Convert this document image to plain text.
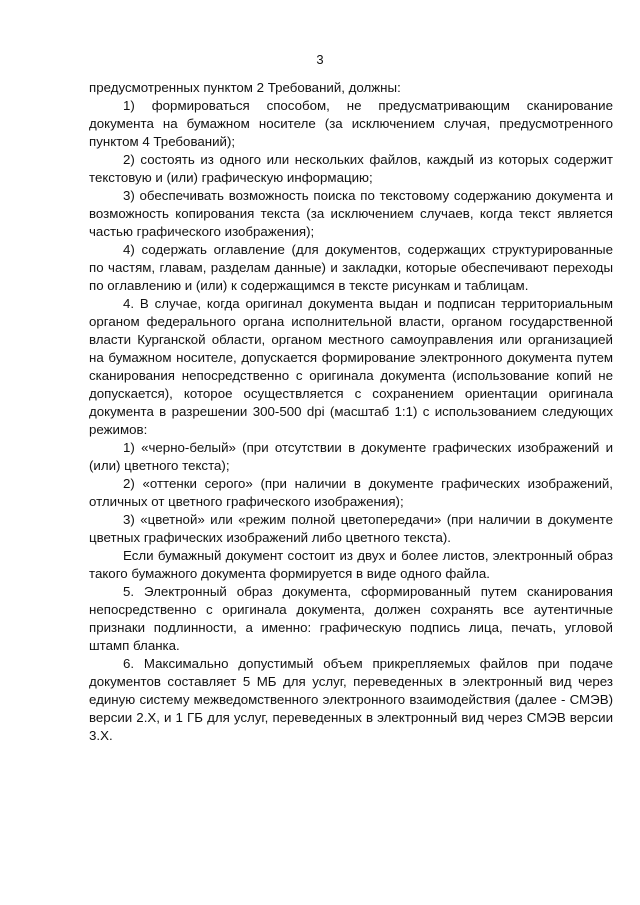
3

предусмотренных пунктом 2 Требований, должны:

1) формироваться способом, не предусматривающим сканирование документа на бумажном носителе (за исключением случая, предусмотренного пунктом 4 Требований);

2) состоять из одного или нескольких файлов, каждый из которых содержит текстовую и (или) графическую информацию;

3) обеспечивать возможность поиска по текстовому содержанию документа и возможность копирования текста (за исключением случаев, когда текст является частью графического изображения);

4) содержать оглавление (для документов, содержащих структурированные по частям, главам, разделам данные) и закладки, которые обеспечивают переходы по оглавлению и (или) к содержащимся в тексте рисункам и таблицам.

4. В случае, когда оригинал документа выдан и подписан территориальным органом федерального органа исполнительной власти, органом государственной власти Курганской области, органом местного самоуправления или организацией на бумажном носителе, допускается формирование электронного документа путем сканирования непосредственно с оригинала документа (использование копий не допускается), которое осуществляется с сохранением ориентации оригинала документа в разрешении 300-500 dpi (масштаб 1:1) с использованием следующих режимов:

1) «черно-белый» (при отсутствии в документе графических изображений и (или) цветного текста);

2) «оттенки серого» (при наличии в документе графических изображений, отличных от цветного графического изображения);

3) «цветной» или «режим полной цветопередачи» (при наличии в документе цветных графических изображений либо цветного текста).

Если бумажный документ состоит из двух и более листов, электронный образ такого бумажного документа формируется в виде одного файла.

5. Электронный образ документа, сформированный путем сканирования непосредственно с оригинала документа, должен сохранять все аутентичные признаки подлинности, а именно: графическую подпись лица, печать, угловой штамп бланка.

6. Максимально допустимый объем прикрепляемых файлов при подаче документов составляет 5 МБ для услуг, переведенных в электронный вид через единую систему межведомственного электронного взаимодействия (далее - СМЭВ) версии 2.Х, и 1 ГБ для услуг, переведенных в электронный вид через СМЭВ версии 3.Х.
